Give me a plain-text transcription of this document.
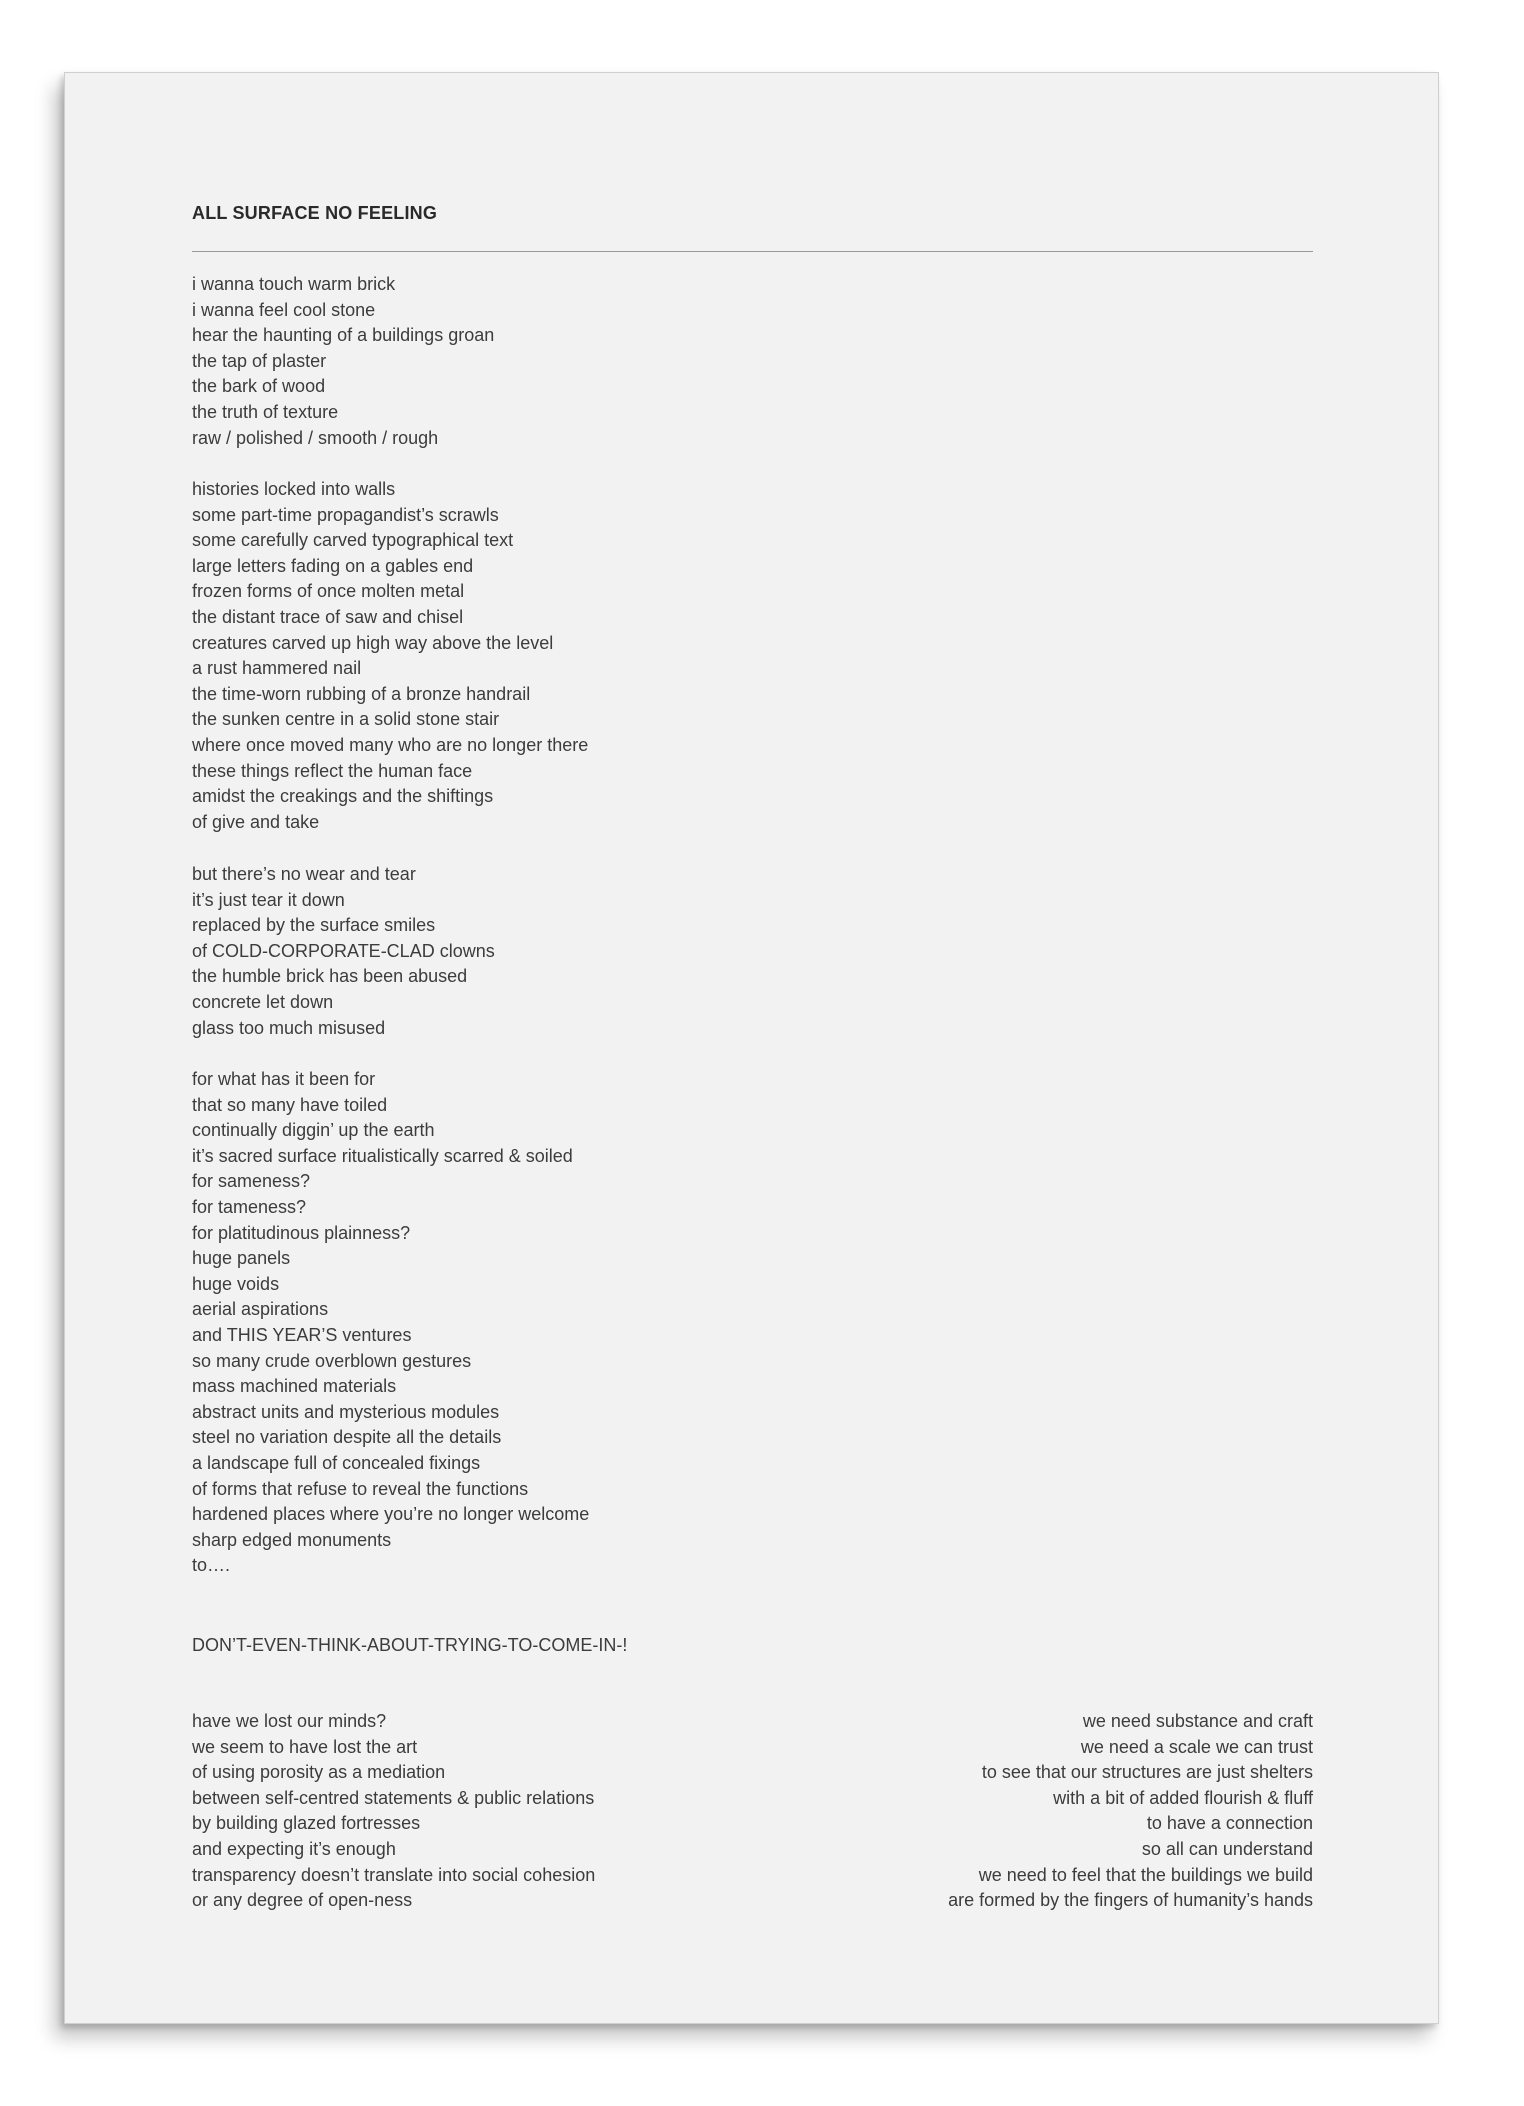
ALL SURFACE NO FEELING
i wanna touch warm brick
i wanna feel cool stone
hear the haunting of a buildings groan
the tap of plaster
the bark of wood
the truth of texture
raw / polished / smooth / rough
histories locked into walls
some part-time propagandist’s scrawls
some carefully carved typographical text
large letters fading on a gables end
frozen forms of once molten metal
the distant trace of saw and chisel
creatures carved up high way above the level
a rust hammered nail
the time-worn rubbing of a bronze handrail
the sunken centre in a solid stone stair
where once moved many who are no longer there
these things reflect the human face
amidst the creakings and the shiftings
of give and take
but there’s no wear and tear
it’s just tear it down
replaced by the surface smiles
of COLD-CORPORATE-CLAD clowns
the humble brick has been abused
concrete let down
glass too much misused
for what has it been for
that so many have toiled
continually diggin’ up the earth
it’s sacred surface ritualistically scarred & soiled
for sameness?
for tameness?
for platitudinous plainness?
huge panels
huge voids
aerial aspirations
and THIS YEAR’S ventures
so many crude overblown gestures
mass machined materials
abstract units and mysterious modules
steel no variation despite all the details
a landscape full of concealed fixings
of forms that refuse to reveal the functions
hardened places where you’re no longer welcome
sharp edged monuments
to….
DON’T-EVEN-THINK-ABOUT-TRYING-TO-COME-IN-!
have we lost our minds?
we seem to have lost the art
of using porosity as a mediation
between self-centred statements & public relations
by building glazed fortresses
and expecting it’s enough
transparency doesn’t translate into social cohesion
or any degree of open-ness
we need substance and craft
we need a scale we can trust
to see that our structures are just shelters
with a bit of added flourish & fluff
to have a connection
so all can understand
we need to feel that the buildings we build
are formed by the fingers of humanity’s hands
